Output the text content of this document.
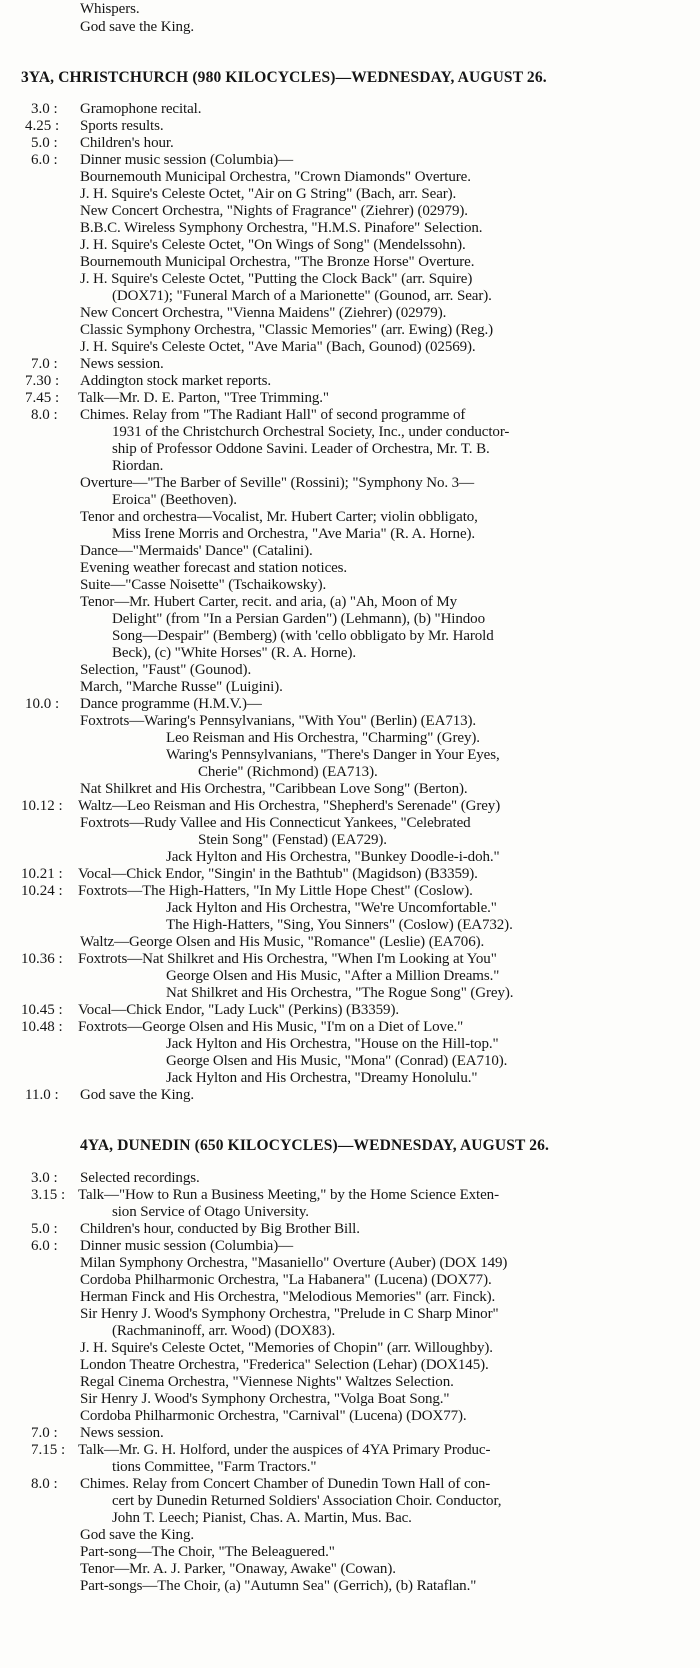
Whispers.
God save the King.
3YA, CHRISTCHURCH (980 KILOCYCLES)—WEDNESDAY, AUGUST 26.
Gramophone recital.
Sports results.
Children's hour.
Dinner music session (Columbia)—
Bournemouth Municipal Orchestra, "Crown Diamonds" Overture.
J. H. Squire's Celeste Octet, "Air on G String" (Bach, arr. Sear).
New Concert Orchestra, "Nights of Fragrance" (Ziehrer) (02979).
B.B.C. Wireless Symphony Orchestra, "H.M.S. Pinafore" Selection.
J. H. Squire's Celeste Octet, "On Wings of Song" (Mendelssohn).
Bournemouth Municipal Orchestra, "The Bronze Horse" Overture.
J. H. Squire's Celeste Octet, "Putting the Clock Back" (arr. Squire)
(DOX71); "Funeral March of a Marionette" (Gounod, arr. Sear).
New Concert Orchestra, "Vienna Maidens" (Ziehrer) (02979).
Classic Symphony Orchestra, "Classic Memories" (arr. Ewing) (Reg.)
J. H. Squire's Celeste Octet, "Ave Maria" (Bach, Gounod) (02569).
News session.
Addington stock market reports.
Talk—Mr. D. E. Parton, "Tree Trimming."
Chimes. Relay from "The Radiant Hall" of second programme of
1931 of the Christchurch Orchestral Society, Inc., under conductor-
ship of Professor Oddone Savini. Leader of Orchestra, Mr. T. B.
Riordan.
Overture—"The Barber of Seville" (Rossini); "Symphony No. 3—
Eroica" (Beethoven).
Tenor and orchestra—Vocalist, Mr. Hubert Carter; violin obbligato,
Miss Irene Morris and Orchestra, "Ave Maria" (R. A. Horne).
Dance—"Mermaids' Dance" (Catalini).
Evening weather forecast and station notices.
Suite—"Casse Noisette" (Tschaikowsky).
Tenor—Mr. Hubert Carter, recit. and aria, (a) "Ah, Moon of My
Delight" (from "In a Persian Garden") (Lehmann), (b) "Hindoo
Song—Despair" (Bemberg) (with 'cello obbligato by Mr. Harold
Beck), (c) "White Horses" (R. A. Horne).
Selection, "Faust" (Gounod).
March, "Marche Russe" (Luigini).
Dance programme (H.M.V.)—
Foxtrots—Waring's Pennsylvanians, "With You" (Berlin) (EA713).
Leo Reisman and His Orchestra, "Charming" (Grey).
Waring's Pennsylvanians, "There's Danger in Your Eyes,
Cherie" (Richmond) (EA713).
Nat Shilkret and His Orchestra, "Caribbean Love Song" (Berton).
Waltz—Leo Reisman and His Orchestra, "Shepherd's Serenade" (Grey)
Foxtrots—Rudy Vallee and His Connecticut Yankees, "Celebrated
Stein Song" (Fenstad) (EA729).
Jack Hylton and His Orchestra, "Bunkey Doodle-i-doh."
Vocal—Chick Endor, "Singin' in the Bathtub" (Magidson) (B3359).
Foxtrots—The High-Hatters, "In My Little Hope Chest" (Coslow).
Jack Hylton and His Orchestra, "We're Uncomfortable."
The High-Hatters, "Sing, You Sinners" (Coslow) (EA732).
Waltz—George Olsen and His Music, "Romance" (Leslie) (EA706).
Foxtrots—Nat Shilkret and His Orchestra, "When I'm Looking at You"
George Olsen and His Music, "After a Million Dreams."
Nat Shilkret and His Orchestra, "The Rogue Song" (Grey).
Vocal—Chick Endor, "Lady Luck" (Perkins) (B3359).
Foxtrots—George Olsen and His Music, "I'm on a Diet of Love."
Jack Hylton and His Orchestra, "House on the Hill-top."
George Olsen and His Music, "Mona" (Conrad) (EA710).
Jack Hylton and His Orchestra, "Dreamy Honolulu."
God save the King.
4YA, DUNEDIN (650 KILOCYCLES)—WEDNESDAY, AUGUST 26.
Selected recordings.
Talk—"How to Run a Business Meeting," by the Home Science Exten-
sion Service of Otago University.
Children's hour, conducted by Big Brother Bill.
Dinner music session (Columbia)—
Milan Symphony Orchestra, "Masaniello" Overture (Auber) (DOX 149)
Cordoba Philharmonic Orchestra, "La Habanera" (Lucena) (DOX77).
Herman Finck and His Orchestra, "Melodious Memories" (arr. Finck).
Sir Henry J. Wood's Symphony Orchestra, "Prelude in C Sharp Minor"
(Rachmaninoff, arr. Wood) (DOX83).
J. H. Squire's Celeste Octet, "Memories of Chopin" (arr. Willoughby).
London Theatre Orchestra, "Frederica" Selection (Lehar) (DOX145).
Regal Cinema Orchestra, "Viennese Nights" Waltzes Selection.
Sir Henry J. Wood's Symphony Orchestra, "Volga Boat Song."
Cordoba Philharmonic Orchestra, "Carnival" (Lucena) (DOX77).
News session.
Talk—Mr. G. H. Holford, under the auspices of 4YA Primary Produc-
tions Committee, "Farm Tractors."
Chimes. Relay from Concert Chamber of Dunedin Town Hall of con-
cert by Dunedin Returned Soldiers' Association Choir. Conductor,
John T. Leech; Pianist, Chas. A. Martin, Mus. Bac.
God save the King.
Part-song—The Choir, "The Beleaguered."
Tenor—Mr. A. J. Parker, "Onaway, Awake" (Cowan).
Part-songs—The Choir, (a) "Autumn Sea" (Gerrich), (b) Rataflan."
3.0 :
4.25 :
5.0 :
6.0 :
7.0 :
7.30 :
7.45 :
8.0 :
10.0 :
10.12 :
10.21 :
10.24 :
10.36 :
10.45 :
10.48 :
11.0 :
3.0 :
3.15 :
5.0 :
6.0 :
7.0 :
7.15 :
8.0 :
